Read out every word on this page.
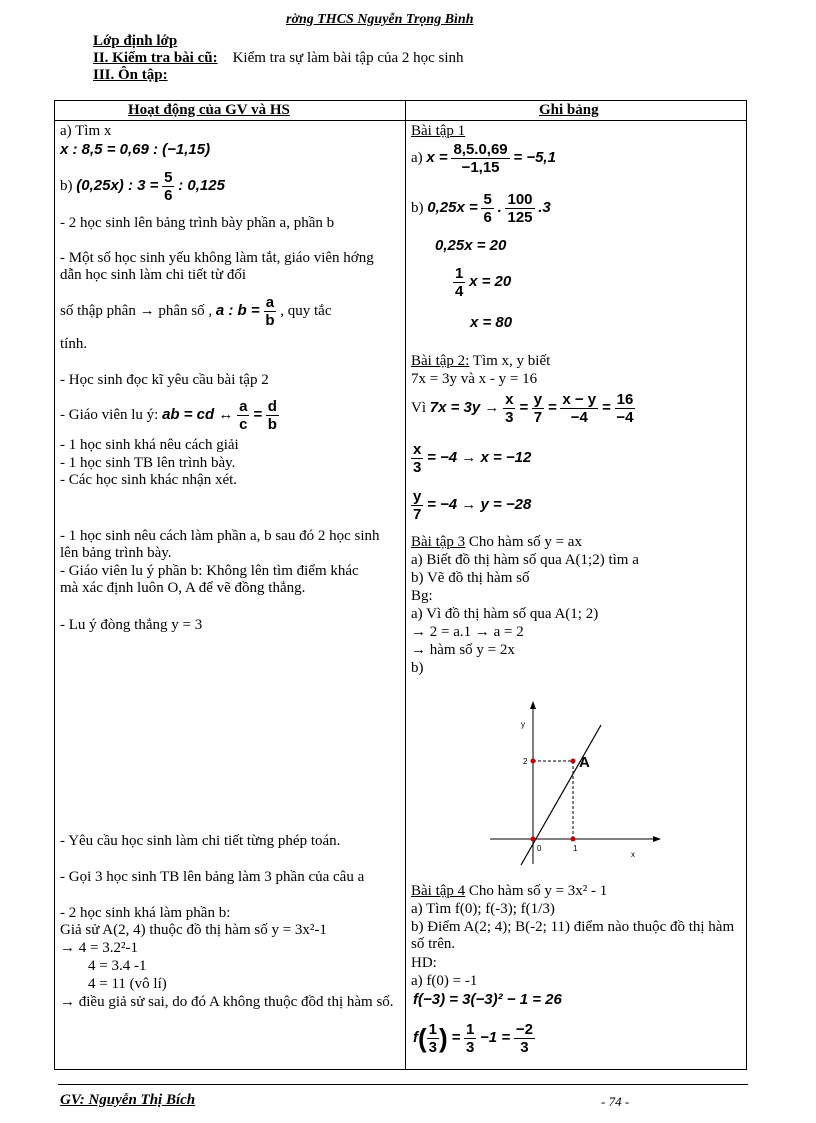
rờng THCS Nguyễn Trọng Bình
Lớp định lớp
II. Kiểm tra bài cũ: Kiểm tra sự làm bài tập của 2 học sinh
III. Ôn tập:
Hoạt động của GV và HS	Ghi bảng
a) Tìm x
x : 8,5 = 0,69 : (−1,15)
b) (0,25x) : $3 = \frac{5}{6}$ : 0,125
- 2 học sinh lên bảng trình bày phần a, phần b
- Một số học sinh yếu không làm tắt, giáo viên hớng dẫn học sinh làm chi tiết từ đổi
số thập phân → phân số , a : $b = \frac{a}{b}$ , quy tắc
tính.
- Học sinh đọc kĩ yêu cầu bài tập 2
- Giáo viên lu ý: ab = cd ↔ $\frac{a}{c} = \frac{d}{b}$
- 1 học sinh khá nêu cách giải
- 1 học sinh TB lên trình bày.
- Các học sinh khác nhận xét.
- 1 học sinh nêu cách làm phần a, b sau đó 2 học sinh lên bảng trình bày.
- Giáo viên lu ý phần b: Không lên tìm điểm khác mà xác định luôn O, A để vẽ đồng thẳng.
- Lu ý đòng thẳng y = 3
- Yêu cầu học sinh làm chi tiết từng phép toán.
- Gọi 3 học sinh TB lên bảng làm 3 phần của câu a
- 2 học sinh khá làm phần b:
Giả sử A(2, 4) thuộc đồ thị hàm số y = 3x²-1
→ 4 = 3.2²-1
4 = 3.4 -1
4 = 11 (vô lí)
→ điều giả sử sai, do đó A không thuộc đồd thị hàm số.
Bài tập 1
a) $x = \frac{8,5.0,69}{-1,15} = -5,1$
b) $0,25x = \frac{5}{6}$ . $\frac{100}{125} .3$
0,25x = 20
$\frac{1}{4}$ x = 20
x = 80
Bài tập 2: Tìm x, y biết
7x = 3y và x - y = 16
Vì $7x = 3y \to \frac{x}{3} = \frac{y}{7} = \frac{x - y}{-4} = \frac{16}{-4}$
$\frac{x}{3} = -4 \to x = -12$
$\frac{y}{7} = -4 \to y = -28$
Bài tập 3 Cho hàm số y = ax
a) Biết đồ thị hàm số qua A(1;2) tìm a
b) Vẽ đồ thị hàm số
Bg:
a) Vì đồ thị hàm số qua A(1; 2)
→ 2 = a.1 → a = 2
→ hàm số y = 2x
b)
y
2
0	1
x
A
Bài tập 4 Cho hàm số y = 3x² - 1
a) Tìm f(0); f(-3); f(1/3)
b) Điểm A(2; 4); B(-2; 11) điểm nào thuộc đồ thị hàm số trên.
HD:
a) f(0) = -1
f(−3) = 3(−3)² − 1 = 26
$f( \frac{1}{3}$ ) = $\frac{1}{3} -1 = \frac{-2}{3}$
GV: Nguyễn Thị Bích	- 74 -
